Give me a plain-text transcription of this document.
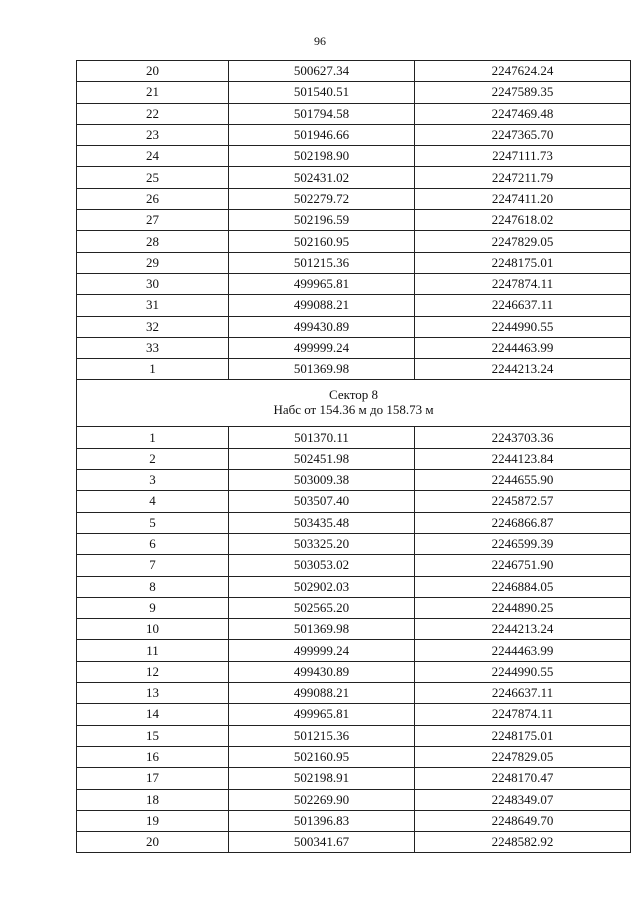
96
20	500627.34	2247624.24
21	501540.51	2247589.35
22	501794.58	2247469.48
23	501946.66	2247365.70
24	502198.90	2247111.73
25	502431.02	2247211.79
26	502279.72	2247411.20
27	502196.59	2247618.02
28	502160.95	2247829.05
29	501215.36	2248175.01
30	499965.81	2247874.11
31	499088.21	2246637.11
32	499430.89	2244990.55
33	499999.24	2244463.99
1	501369.98	2244213.24

Сектор 8
Набс от 154.36 м до 158.73 м		

1	501370.11	2243703.36
2	502451.98	2244123.84
3	503009.38	2244655.90
4	503507.40	2245872.57
5	503435.48	2246866.87
6	503325.20	2246599.39
7	503053.02	2246751.90
8	502902.03	2246884.05
9	502565.20	2244890.25
10	501369.98	2244213.24
11	499999.24	2244463.99
12	499430.89	2244990.55
13	499088.21	2246637.11
14	499965.81	2247874.11
15	501215.36	2248175.01
16	502160.95	2247829.05
17	502198.91	2248170.47
18	502269.90	2248349.07
19	501396.83	2248649.70
20	500341.67	2248582.92
